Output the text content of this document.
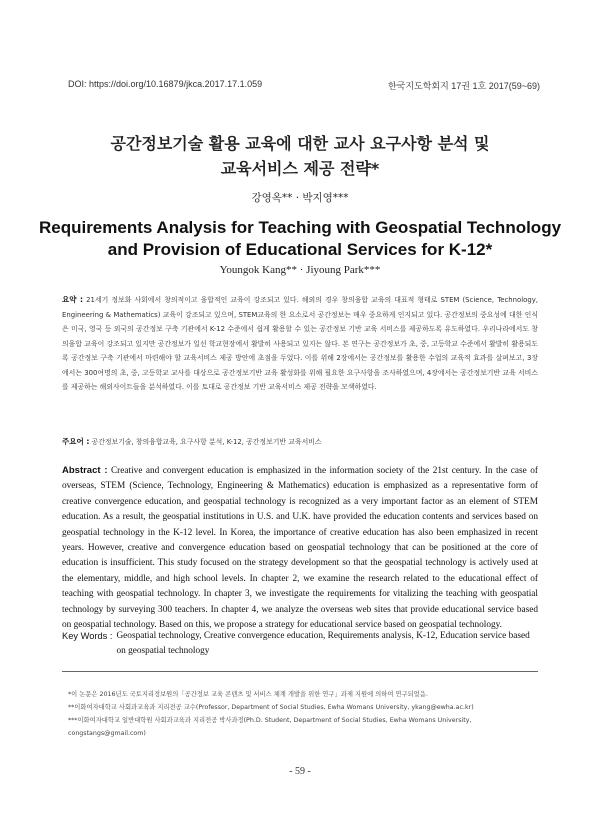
DOI: https://doi.org/10.16879/jkca.2017.17.1.059	한국지도학회지 17권 1호 2017(59~69)
공간정보기술 활용 교육에 대한 교사 요구사항 분석 및
교육서비스 제공 전략*
강영옥** · 박지영***
Requirements Analysis for Teaching with Geospatial Technology
and Provision of Educational Services for K-12*
Youngok Kang** · Jiyoung Park***
요약 : 21세기 정보화 사회에서 창의적이고 융합적인 교육이 강조되고 있다. 해외의 경우 창의융합 교육의 대표적 형태로 STEM (Science, Technology, Engineering & Mathematics) 교육이 강조되고 있으며, STEM교육의 한 요소로서 공간정보는 매우 중요하게 인지되고 있다. 공간정보의 중요성에 대한 인식은 미국, 영국 등 외국의 공간정보 구축 기관에서 K-12 수준에서 쉽게 활용할 수 있는 공간정보 기반 교육 서비스를 제공하도록 유도하였다. 우리나라에서도 창의융합 교육이 강조되고 있지만 공간정보가 일선 학교현장에서 활발히 사용되고 있지는 않다. 본 연구는 공간정보가 초, 중, 고등학교 수준에서 활발히 활용되도록 공간정보 구축 기관에서 마련해야 할 교육서비스 제공 방안에 초점을 두었다. 이를 위해 2장에서는 공간정보를 활용한 수업의 교육적 효과를 살펴보고, 3장에서는 300여명의 초, 중, 고등학교 교사를 대상으로 공간정보기반 교육 활성화를 위해 필요한 요구사항을 조사하였으며, 4장에서는 공간정보기반 교육 서비스를 제공하는 해외사이트들을 분석하였다. 이를 토대로 공간정보 기반 교육서비스 제공 전략을 모색하였다.
주요어 : 공간정보기술, 창의융합교육, 요구사항 분석, K-12, 공간정보기반 교육서비스
Abstract : Creative and convergent education is emphasized in the information society of the 21st century. In the case of overseas, STEM (Science, Technology, Engineering & Mathematics) education is emphasized as a representative form of creative convergence education, and geospatial technology is recognized as a very important factor as an element of STEM education. As a result, the geospatial institutions in U.S. and U.K. have provided the education contents and services based on geospatial technology in the K-12 level. In Korea, the importance of creative education has also been emphasized in recent years. However, creative and convergence education based on geospatial technology that can be positioned at the core of education is insufficient. This study focused on the strategy development so that the geospatial technology is actively used at the elementary, middle, and high school levels. In chapter 2, we examine the research related to the educational effect of teaching with geospatial technology. In chapter 3, we investigate the requirements for vitalizing the teaching with geospatial technology by surveying 300 teachers. In chapter 4, we analyze the overseas web sites that provide educational service based on geospatial technology. Based on this, we propose a strategy for educational service based on geospatial technology.
Key Words : Geospatial technology, Creative convergence education, Requirements analysis, K-12, Education service based on geospatial technology
*이 논문은 2016년도 국토지리정보원의「공간정보 교육 콘텐츠 및 서비스 체계 개발을 위한 연구」과제 지원에 의하여 연구되었음.
**이화여자대학교 사회과교육과 지리전공 교수(Professor, Department of Social Studies, Ewha Womans University, ykang@ewha.ac.kr)
***이화여자대학교 일반대학원 사회과교육과 지리전공 박사과정(Ph.D. Student, Department of Social Studies, Ewha Womans University, congstangs@gmail.com)
- 59 -
